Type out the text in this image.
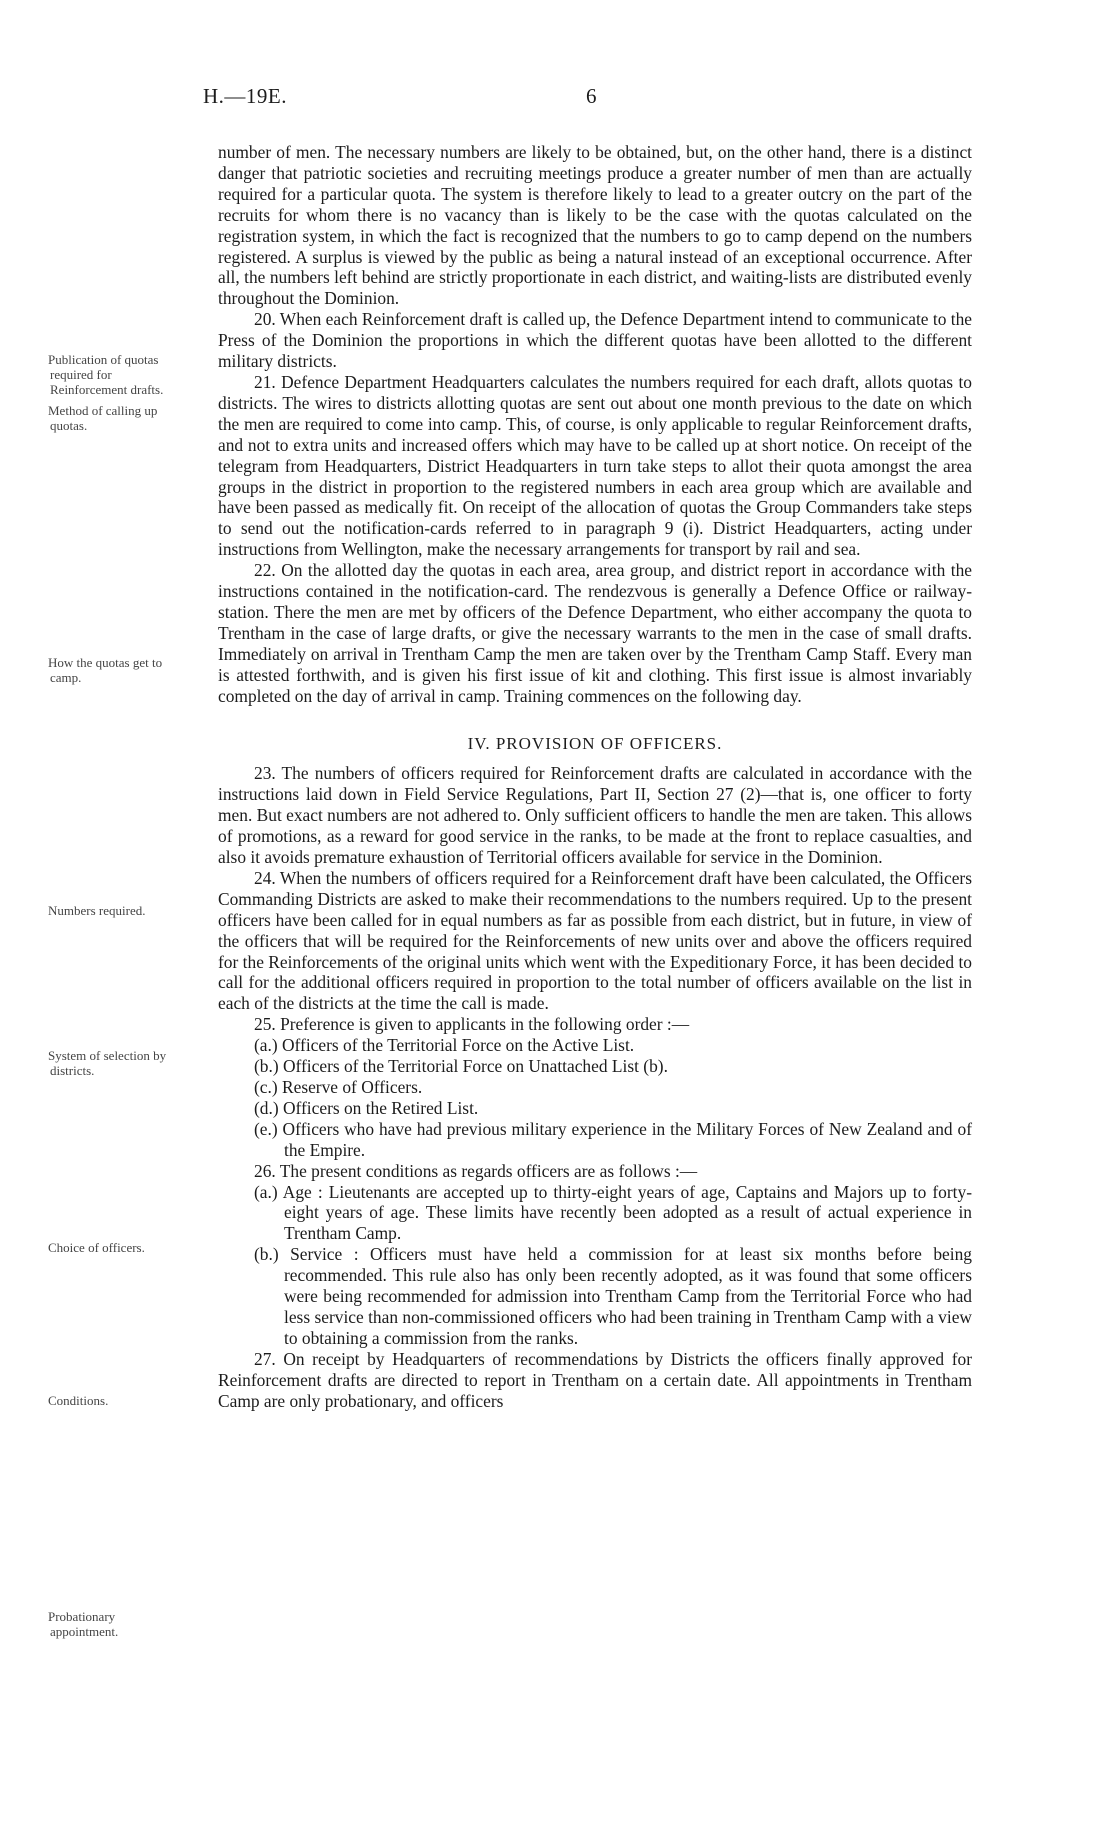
H.—19E.	6

Publication of quotas required for Reinforcement drafts.

Method of calling up quotas.

How the quotas get to camp.

Numbers required.

System of selection by districts.

Choice of officers.

Conditions.

Probationary appointment.

number of men. The necessary numbers are likely to be obtained, but, on the other hand, there is a distinct danger that patriotic societies and recruiting meetings produce a greater number of men than are actually required for a particular quota. The system is therefore likely to lead to a greater outcry on the part of the recruits for whom there is no vacancy than is likely to be the case with the quotas calculated on the registration system, in which the fact is recognized that the numbers to go to camp depend on the numbers registered. A surplus is viewed by the public as being a natural instead of an exceptional occurrence. After all, the numbers left behind are strictly proportionate in each district, and waiting-lists are distributed evenly throughout the Dominion.

20. When each Reinforcement draft is called up, the Defence Department intend to communicate to the Press of the Dominion the proportions in which the different quotas have been allotted to the different military districts.

21. Defence Department Headquarters calculates the numbers required for each draft, allots quotas to districts. The wires to districts allotting quotas are sent out about one month previous to the date on which the men are required to come into camp. This, of course, is only applicable to regular Reinforcement drafts, and not to extra units and increased offers which may have to be called up at short notice. On receipt of the telegram from Headquarters, District Headquarters in turn take steps to allot their quota amongst the area groups in the district in proportion to the registered numbers in each area group which are available and have been passed as medically fit. On receipt of the allocation of quotas the Group Commanders take steps to send out the notification-cards referred to in paragraph 9 (i). District Headquarters, acting under instructions from Wellington, make the necessary arrangements for transport by rail and sea.

22. On the allotted day the quotas in each area, area group, and district report in accordance with the instructions contained in the notification-card. The rendezvous is generally a Defence Office or railway-station. There the men are met by officers of the Defence Department, who either accompany the quota to Trentham in the case of large drafts, or give the necessary warrants to the men in the case of small drafts. Immediately on arrival in Trentham Camp the men are taken over by the Trentham Camp Staff. Every man is attested forthwith, and is given his first issue of kit and clothing. This first issue is almost invariably completed on the day of arrival in camp. Training commences on the following day.

IV. PROVISION OF OFFICERS.

23. The numbers of officers required for Reinforcement drafts are calculated in accordance with the instructions laid down in Field Service Regulations, Part II, Section 27 (2)—that is, one officer to forty men. But exact numbers are not adhered to. Only sufficient officers to handle the men are taken. This allows of promotions, as a reward for good service in the ranks, to be made at the front to replace casualties, and also it avoids premature exhaustion of Territorial officers available for service in the Dominion.

24. When the numbers of officers required for a Reinforcement draft have been calculated, the Officers Commanding Districts are asked to make their recommendations to the numbers required. Up to the present officers have been called for in equal numbers as far as possible from each district, but in future, in view of the officers that will be required for the Reinforcements of new units over and above the officers required for the Reinforcements of the original units which went with the Expeditionary Force, it has been decided to call for the additional officers required in proportion to the total number of officers available on the list in each of the districts at the time the call is made.

25. Preference is given to applicants in the following order :—

(a.) Officers of the Territorial Force on the Active List.

(b.) Officers of the Territorial Force on Unattached List (b).

(c.) Reserve of Officers.

(d.) Officers on the Retired List.

(e.) Officers who have had previous military experience in the Military Forces of New Zealand and of the Empire.

26. The present conditions as regards officers are as follows :—

(a.) Age : Lieutenants are accepted up to thirty-eight years of age, Captains and Majors up to forty-eight years of age. These limits have recently been adopted as a result of actual experience in Trentham Camp.

(b.) Service : Officers must have held a commission for at least six months before being recommended. This rule also has only been recently adopted, as it was found that some officers were being recommended for admission into Trentham Camp from the Territorial Force who had less service than non-commissioned officers who had been training in Trentham Camp with a view to obtaining a commission from the ranks.

27. On receipt by Headquarters of recommendations by Districts the officers finally approved for Reinforcement drafts are directed to report in Trentham on a certain date. All appointments in Trentham Camp are only probationary, and officers
